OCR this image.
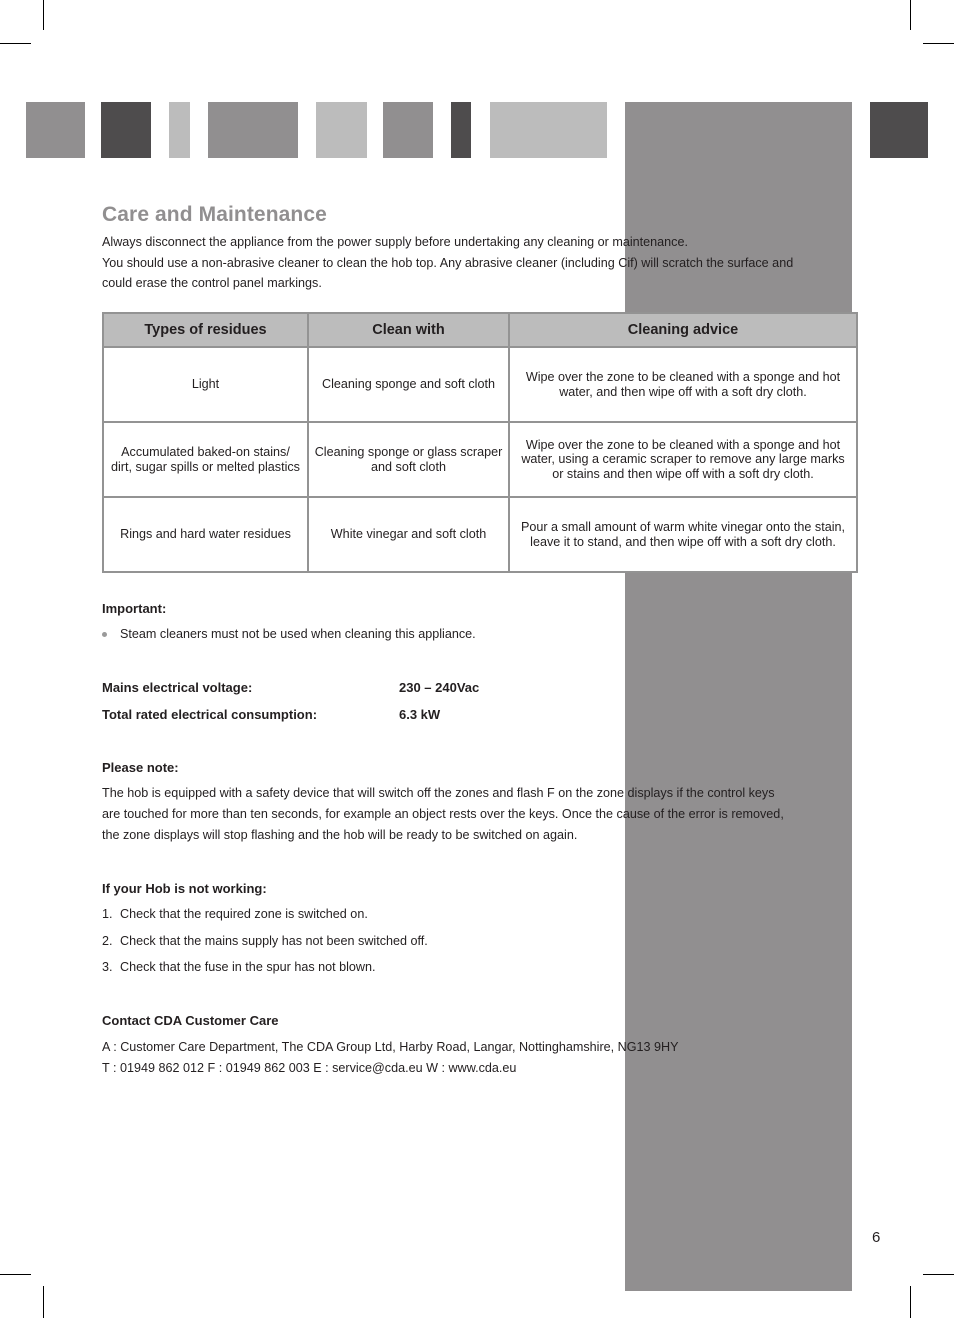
Care and Maintenance

Always disconnect the appliance from the power supply before undertaking any cleaning or maintenance.

You should use a non-abrasive cleaner to clean the hob top. Any abrasive cleaner (including Cif) will scratch the surface and could erase the control panel markings.

Types of residues	Clean with	Cleaning advice
Light	Cleaning sponge and soft cloth	Wipe over the zone to be cleaned with a sponge and hot water, and then wipe off with a soft dry cloth.
Accumulated baked-on stains/ dirt, sugar spills or melted plastics	Cleaning sponge or glass scraper and soft cloth	Wipe over the zone to be cleaned with a sponge and hot water, using a ceramic scraper to remove any large marks or stains and then wipe off with a soft dry cloth.
Rings and hard water residues	White vinegar and soft cloth	Pour a small amount of warm white vinegar onto the stain, leave it to stand, and then wipe off with a soft dry cloth.
Important:
Steam cleaners must not be used when cleaning this appliance.
Mains electrical voltage:	230 – 240Vac
Total rated electrical consumption:	6.3 kW
Please note:
The hob is equipped with a safety device that will switch off the zones and flash F on the zone displays if the control keys
are touched for more than ten seconds, for example an object rests over the keys. Once the cause of the error is removed,
the zone displays will stop flashing and the hob will be ready to be switched on again.
If your Hob is not working:
1. Check that the required zone is switched on.
2. Check that the mains supply has not been switched off.
3. Check that the fuse in the spur has not blown.
Contact CDA Customer Care
A : Customer Care Department, The CDA Group Ltd, Harby Road, Langar, Nottinghamshire, NG13 9HY
T : 01949 862 012 F : 01949 862 003 E : service@cda.eu W : www.cda.eu
6
